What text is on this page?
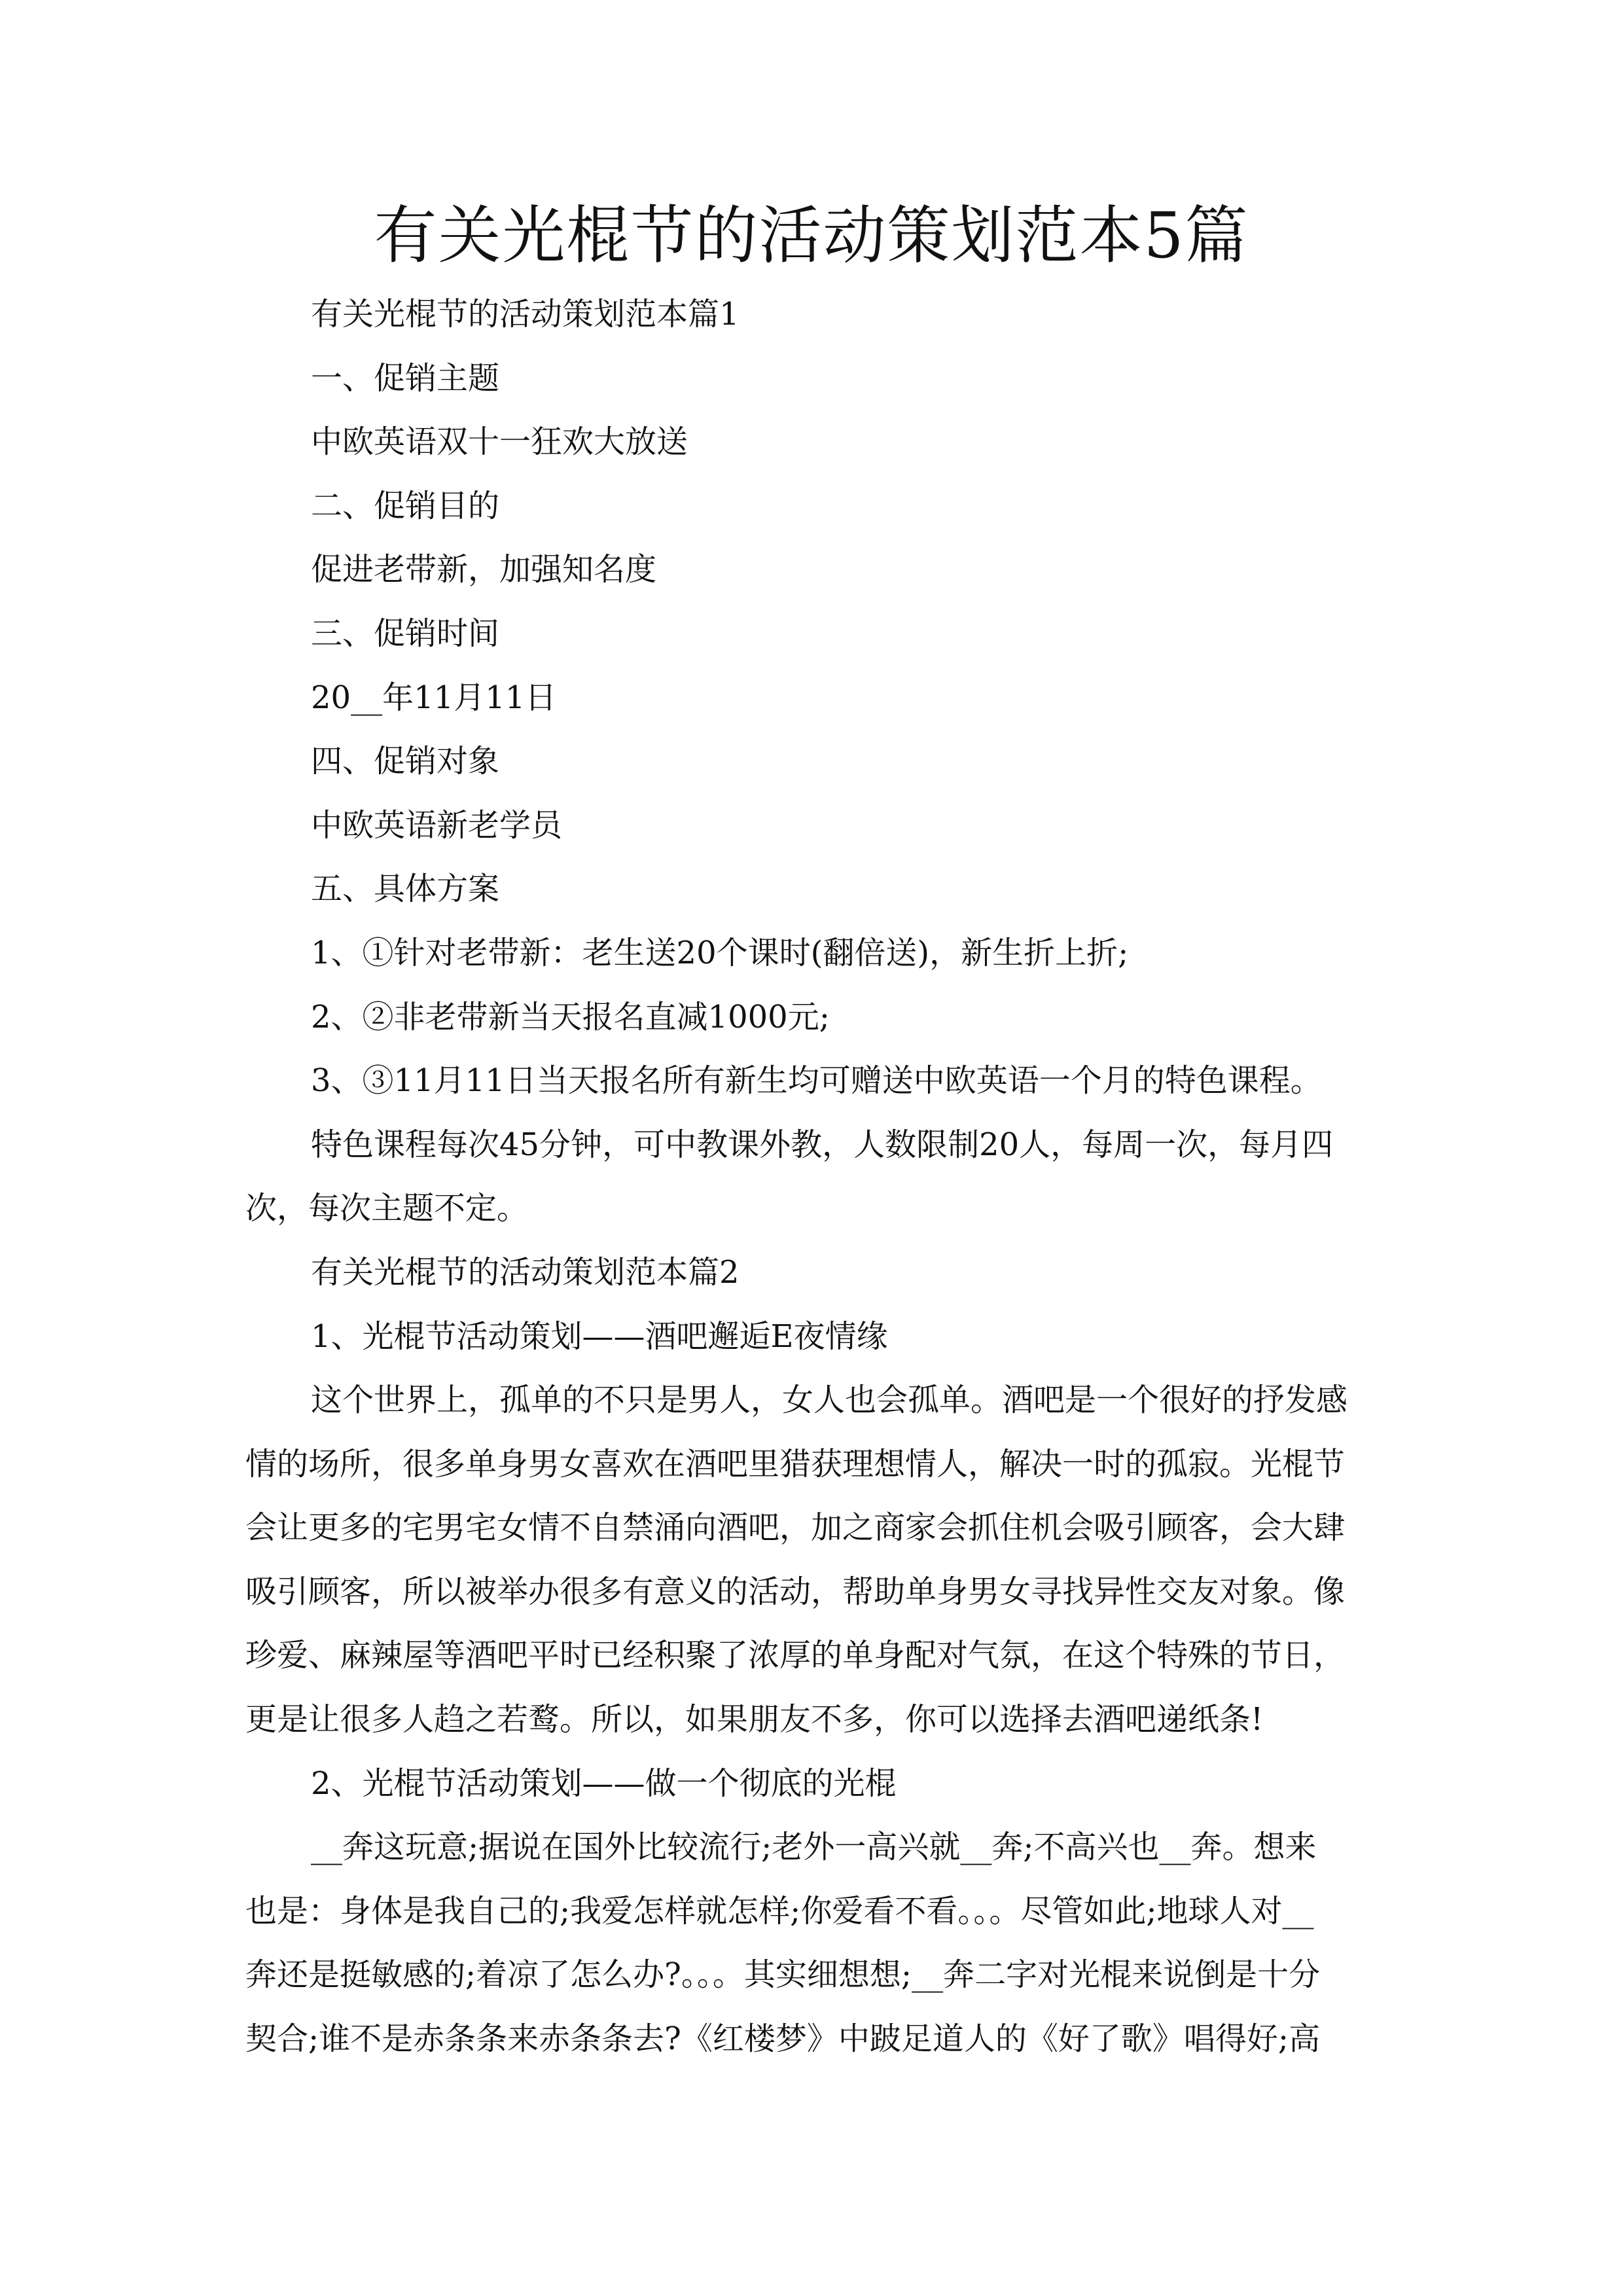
有关光棍节的活动策划范本5篇
有关光棍节的活动策划范本篇1
一、促销主题
中欧英语双十一狂欢大放送
二、促销目的
促进老带新，加强知名度
三、促销时间
20__年11月11日
四、促销对象
中欧英语新老学员
五、具体方案
1、①针对老带新：老生送20个课时(翻倍送)，新生折上折;
2、②非老带新当天报名直减1000元;
3、③11月11日当天报名所有新生均可赠送中欧英语一个月的特色课程。
特色课程每次45分钟，可中教课外教，人数限制20人，每周一次，每月四
次，每次主题不定。
有关光棍节的活动策划范本篇2
1、光棍节活动策划——酒吧邂逅E夜情缘
这个世界上，孤单的不只是男人，女人也会孤单。酒吧是一个很好的抒发感
情的场所，很多单身男女喜欢在酒吧里猎获理想情人，解决一时的孤寂。光棍节
会让更多的宅男宅女情不自禁涌向酒吧，加之商家会抓住机会吸引顾客，会大肆
吸引顾客，所以被举办很多有意义的活动，帮助单身男女寻找异性交友对象。像
珍爱、麻辣屋等酒吧平时已经积聚了浓厚的单身配对气氛，在这个特殊的节日，
更是让很多人趋之若鹜。所以，如果朋友不多，你可以选择去酒吧递纸条!
2、光棍节活动策划——做一个彻底的光棍
__奔这玩意;据说在国外比较流行;老外一高兴就__奔;不高兴也__奔。想来
也是：身体是我自己的;我爱怎样就怎样;你爱看不看。。。尽管如此;地球人对__
奔还是挺敏感的;着凉了怎么办?。。。其实细想想;__奔二字对光棍来说倒是十分
契合;谁不是赤条条来赤条条去?《红楼梦》中跛足道人的《好了歌》唱得好;高
